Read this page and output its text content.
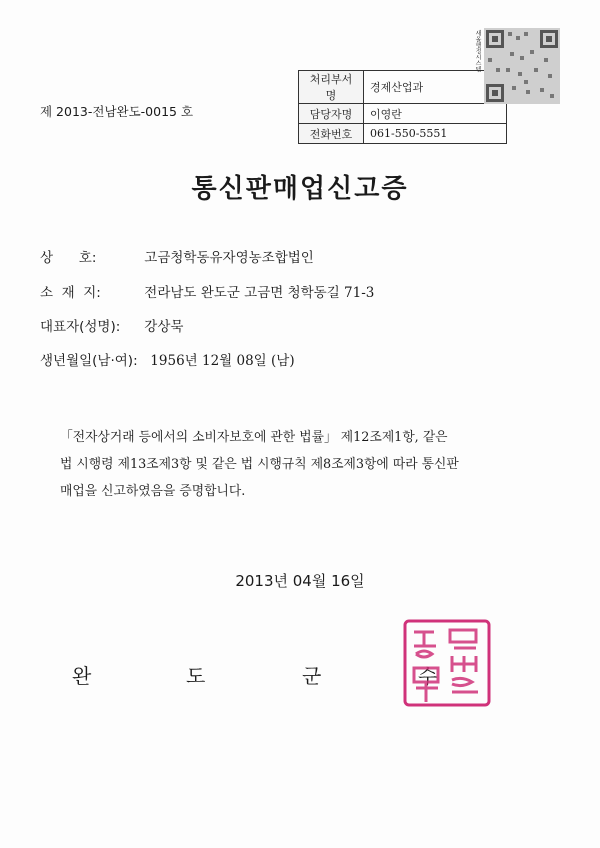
제 2013-전남완도-0015 호
처리부서명	경제산업과
담당자명	이영란
전화번호	061-550-5551
새올행정시스템
통신판매업신고증
상      호:	고금청학동유자영농조합법인
소  재  지:	전라남도 완도군 고금면 청학동길 71-3
대표자(성명): 강상묵
생년월일(남·여): 1956년 12월 08일 (남)
「전자상거래 등에서의 소비자보호에 관한 법률」 제12조제1항, 같은
법 시행령 제13조제3항 및 같은 법 시행규칙 제8조제3항에 따라 통신판
매업을 신고하였음을 증명합니다.
2013년 04월 16일
완	도	군	수
